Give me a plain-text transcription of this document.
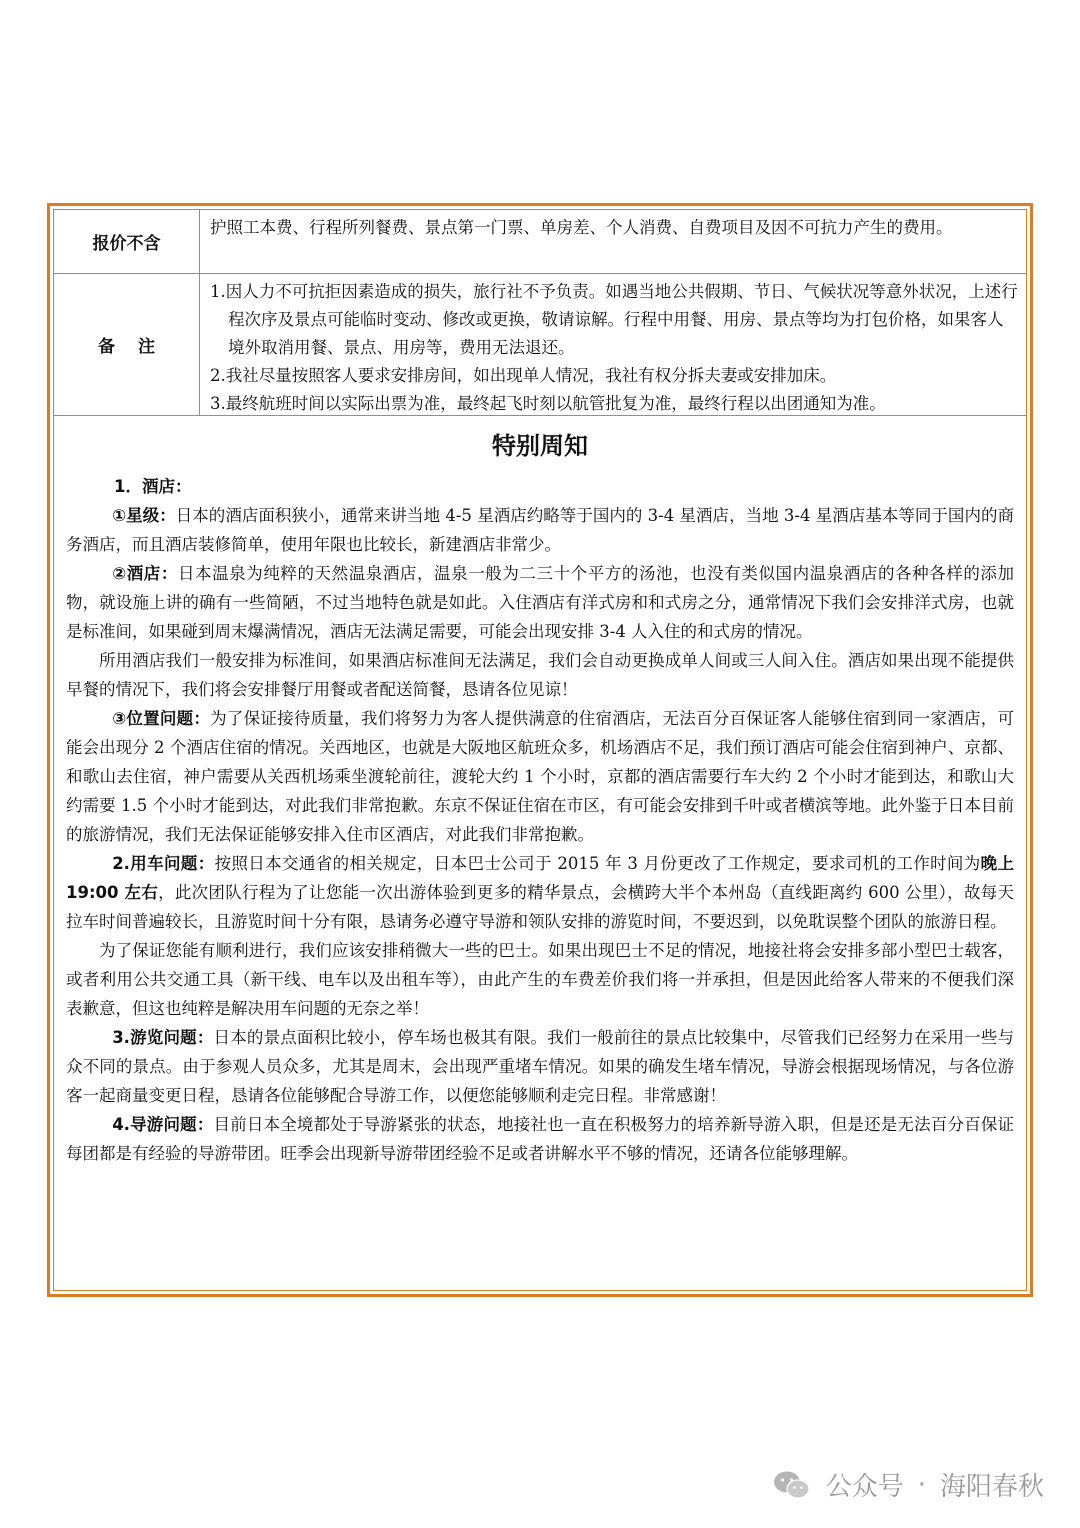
报价不含
护照工本费、行程所列餐费、景点第一门票、单房差、个人消费、自费项目及因不可抗力产生的费用。
备　 注
1.因人力不可抗拒因素造成的损失，旅行社不予负责。如遇当地公共假期、节日、气候状况等意外状况，上述行程次序及景点可能临时变动、修改或更换，敬请谅解。行程中用餐、用房、景点等均为打包价格，如果客人境外取消用餐、景点、用房等，费用无法退还。
2.我社尽量按照客人要求安排房间，如出现单人情况，我社有权分拆夫妻或安排加床。
3.最终航班时间以实际出票为准，最终起飞时刻以航管批复为准，最终行程以出团通知为准。
特别周知
1．酒店：

①星级：日本的酒店面积狭小，通常来讲当地 4-5 星酒店约略等于国内的 3-4 星酒店，当地 3-4 星酒店基本等同于国内的商务酒店，而且酒店装修简单，使用年限也比较长，新建酒店非常少。

②酒店：日本温泉为纯粹的天然温泉酒店，温泉一般为二三十个平方的汤池，也没有类似国内温泉酒店的各种各样的添加物，就设施上讲的确有一些简陋，不过当地特色就是如此。入住酒店有洋式房和和式房之分，通常情况下我们会安排洋式房，也就是标准间，如果碰到周末爆满情况，酒店无法满足需要，可能会出现安排 3-4 人入住的和式房的情况。

所用酒店我们一般安排为标准间，如果酒店标准间无法满足，我们会自动更换成单人间或三人间入住。酒店如果出现不能提供早餐的情况下，我们将会安排餐厅用餐或者配送简餐，恳请各位见谅！

③位置问题：为了保证接待质量，我们将努力为客人提供满意的住宿酒店，无法百分百保证客人能够住宿到同一家酒店，可能会出现分 2 个酒店住宿的情况。关西地区，也就是大阪地区航班众多，机场酒店不足，我们预订酒店可能会住宿到神户、京都、和歌山去住宿，神户需要从关西机场乘坐渡轮前往，渡轮大约 1 个小时，京都的酒店需要行车大约 2 个小时才能到达，和歌山大约需要 1.5 个小时才能到达，对此我们非常抱歉。东京不保证住宿在市区，有可能会安排到千叶或者横滨等地。此外鉴于日本目前的旅游情况，我们无法保证能够安排入住市区酒店，对此我们非常抱歉。

2.用车问题：按照日本交通省的相关规定，日本巴士公司于 2015 年 3 月份更改了工作规定，要求司机的工作时间为晚上 19:00 左右，此次团队行程为了让您能一次出游体验到更多的精华景点，会横跨大半个本州岛（直线距离约 600 公里），故每天拉车时间普遍较长，且游览时间十分有限，恳请务必遵守导游和领队安排的游览时间，不要迟到，以免耽误整个团队的旅游日程。

为了保证您能有顺利进行，我们应该安排稍微大一些的巴士。如果出现巴士不足的情况，地接社将会安排多部小型巴士载客，或者利用公共交通工具（新干线、电车以及出租车等），由此产生的车费差价我们将一并承担，但是因此给客人带来的不便我们深表歉意，但这也纯粹是解决用车问题的无奈之举！

3.游览问题：日本的景点面积比较小，停车场也极其有限。我们一般前往的景点比较集中，尽管我们已经努力在采用一些与众不同的景点。由于参观人员众多，尤其是周末，会出现严重堵车情况。如果的确发生堵车情况，导游会根据现场情况，与各位游客一起商量变更日程，恳请各位能够配合导游工作，以便您能够顺利走完日程。非常感谢！

4.导游问题：目前日本全境都处于导游紧张的状态，地接社也一直在积极努力的培养新导游入职，但是还是无法百分百保证每团都是有经验的导游带团。旺季会出现新导游带团经验不足或者讲解水平不够的情况，还请各位能够理解。

公众号 · 海阳春秋
